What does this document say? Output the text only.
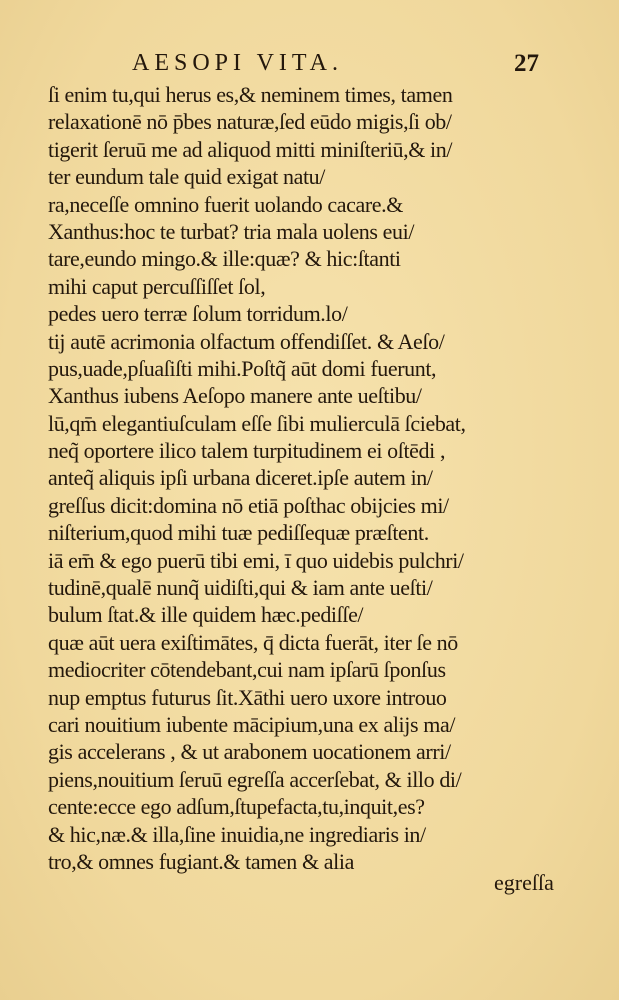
AESOPI VITA.	27
ſi enim tu,qui herus es,& neminem times, tamen
relaxationē nō p̄bes naturæ,ſed eūdo migis,ſi ob/
tigerit ſeruū me ad aliquod mitti miniſteriū,& in/
ter eundum tale quid exigat natu/
ra,neceſſe omnino fuerit uolando cacare.&
Xanthus:hoc te turbat? tria mala uolens eui/
tare,eundo mingo.& ille:quæ? & hic:ſtanti
mihi caput percuſſiſſet ſol,
pedes uero terræ ſolum torridum.lo/
tij autē acrimonia olfactum offendiſſet. & Aeſo/
pus,uade,pſuaſiſti mihi.Poſtq̃ aūt domi fuerunt,
Xanthus iubens Aeſopo manere ante ueſtibu/
lū,qm̄ elegantiuſculam eſſe ſibi mulierculā ſciebat,
neq̃ oportere ilico talem turpitudinem ei oſtēdi ,
anteq̃ aliquis ipſi urbana diceret.ipſe autem in/
greſſus dicit:domina nō etiā poſthac obijcies mi/
niſterium,quod mihi tuæ pediſſequæ præſtent.
iā em̄ & ego puerū tibi emi, ī quo uidebis pulchri/
tudinē,qualē nunq̃ uidiſti,qui & iam ante ueſti/
bulum ſtat.& ille quidem hæc.pediſſe/
quæ aūt uera exiſtimātes, q̄ dicta fuerāt, iter ſe nō
mediocriter cōtendebant,cui nam ipſarū ſponſus
nup emptus futurus ſit.Xāthi uero uxore introuo
cari nouitium iubente mācipium,una ex alijs ma/
gis accelerans , & ut arabonem uocationem arri/
piens,nouitium ſeruū egreſſa accerſebat, & illo di/
cente:ecce ego adſum,ſtupefacta,tu,inquit,es?
& hic,næ.& illa,ſine inuidia,ne ingrediaris in/
tro,& omnes fugiant.& tamen & alia
egreſſa
